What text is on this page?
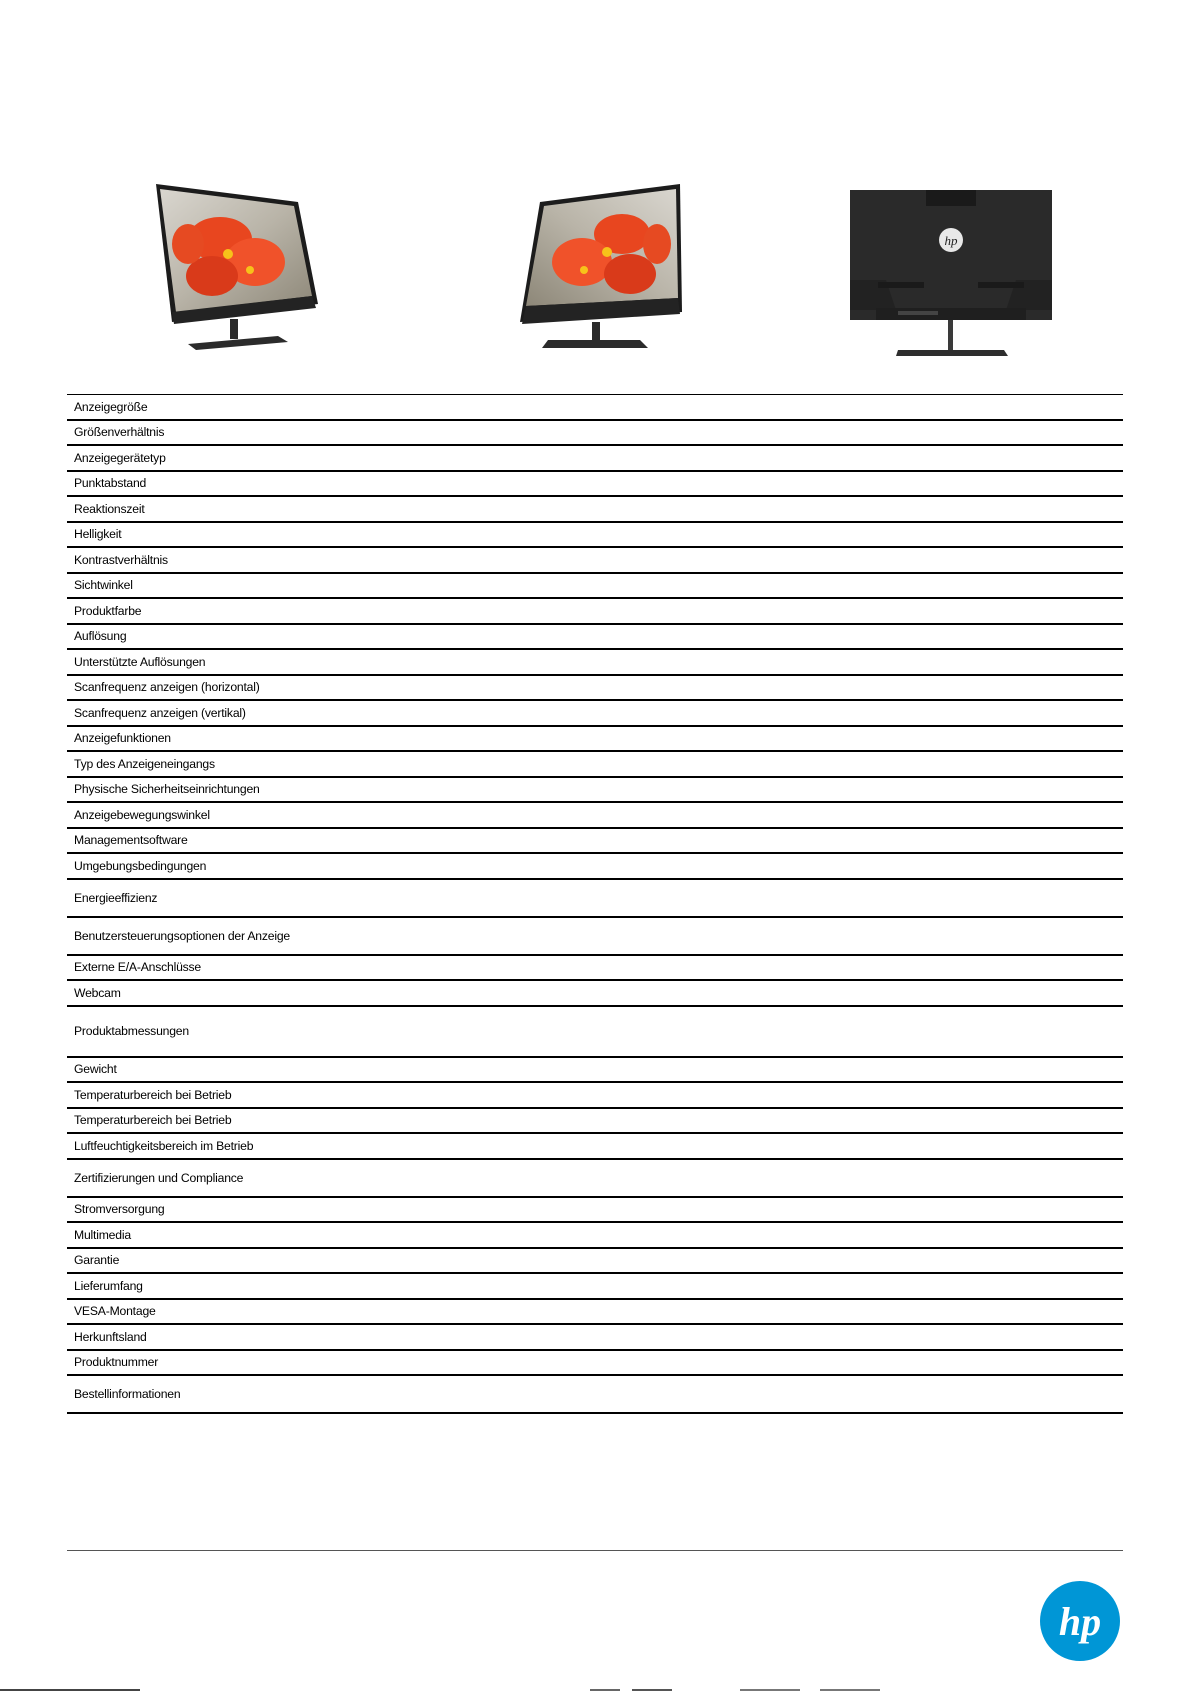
hp
Anzeigegröße
Größenverhältnis
Anzeigegerätetyp
Punktabstand
Reaktionszeit
Helligkeit
Kontrastverhältnis
Sichtwinkel
Produktfarbe
Auflösung
Unterstützte Auflösungen
Scanfrequenz anzeigen (horizontal)
Scanfrequenz anzeigen (vertikal)
Anzeigefunktionen
Typ des Anzeigeneingangs
Physische Sicherheitseinrichtungen
Anzeigebewegungswinkel
Managementsoftware
Umgebungsbedingungen
Energieeffizienz
Benutzersteuerungsoptionen der Anzeige
Externe E/A-Anschlüsse
Webcam
Produktabmessungen
Gewicht
Temperaturbereich bei Betrieb
Temperaturbereich bei Betrieb
Luftfeuchtigkeitsbereich im Betrieb
Zertifizierungen und Compliance
Stromversorgung
Multimedia
Garantie
Lieferumfang
VESA-Montage
Herkunftsland
Produktnummer
Bestellinformationen
hp
